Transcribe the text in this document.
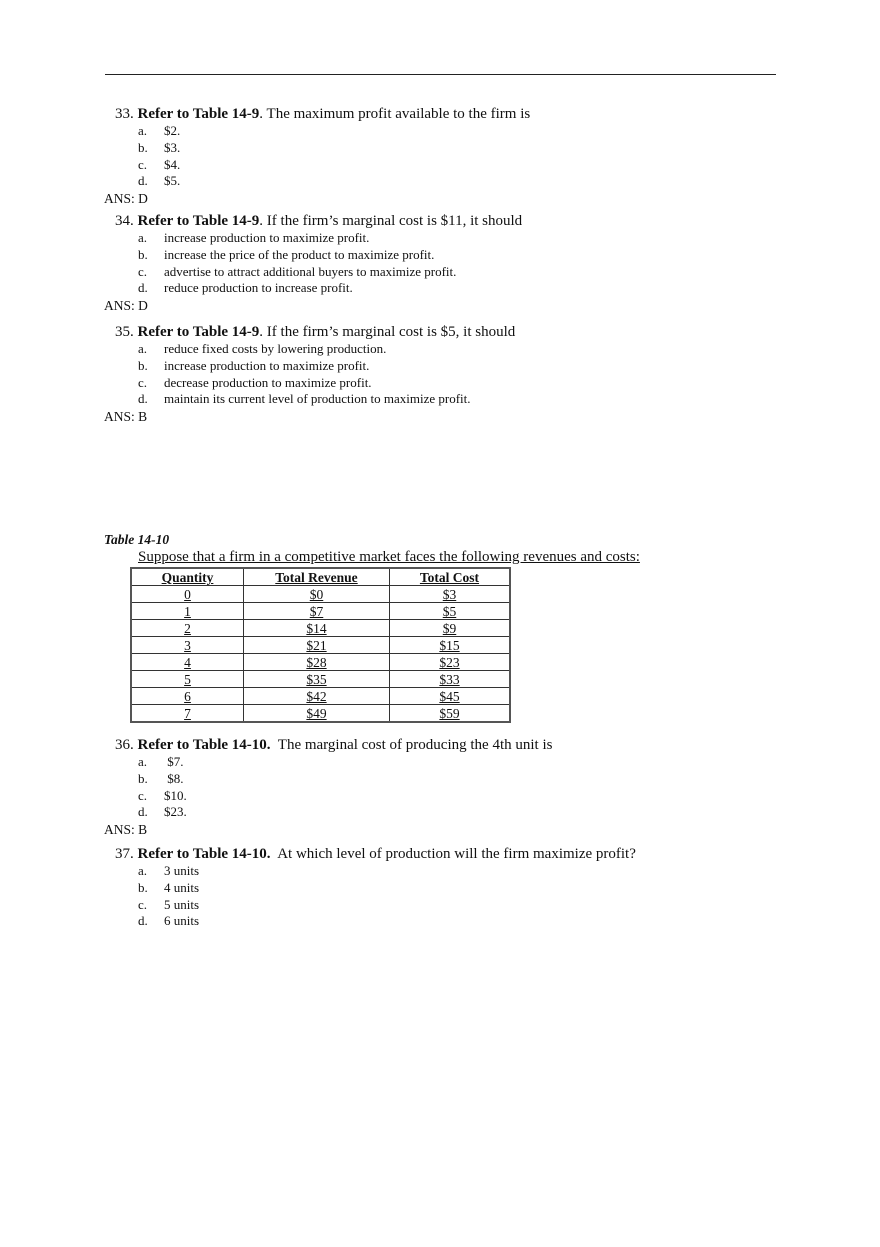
33. Refer to Table 14-9. The maximum profit available to the firm is
a. $2.
b. $3.
c. $4.
d. $5.
ANS: D
34. Refer to Table 14-9. If the firm’s marginal cost is $11, it should
a. increase production to maximize profit.
b. increase the price of the product to maximize profit.
c. advertise to attract additional buyers to maximize profit.
d. reduce production to increase profit.
ANS: D
35. Refer to Table 14-9. If the firm’s marginal cost is $5, it should
a. reduce fixed costs by lowering production.
b. increase production to maximize profit.
c. decrease production to maximize profit.
d. maintain its current level of production to maximize profit.
ANS: B
Table 14-10
Suppose that a firm in a competitive market faces the following revenues and costs:
Quantity	Total Revenue	Total Cost
0	$0	$3
1	$7	$5
2	$14	$9
3	$21	$15
4	$28	$23
5	$35	$33
6	$42	$45
7	$49	$59
36. Refer to Table 14-10.  The marginal cost of producing the 4th unit is
a. $7.
b. $8.
c. $10.
d. $23.
ANS: B
37. Refer to Table 14-10.  At which level of production will the firm maximize profit?
a. 3 units
b. 4 units
c. 5 units
d. 6 units
